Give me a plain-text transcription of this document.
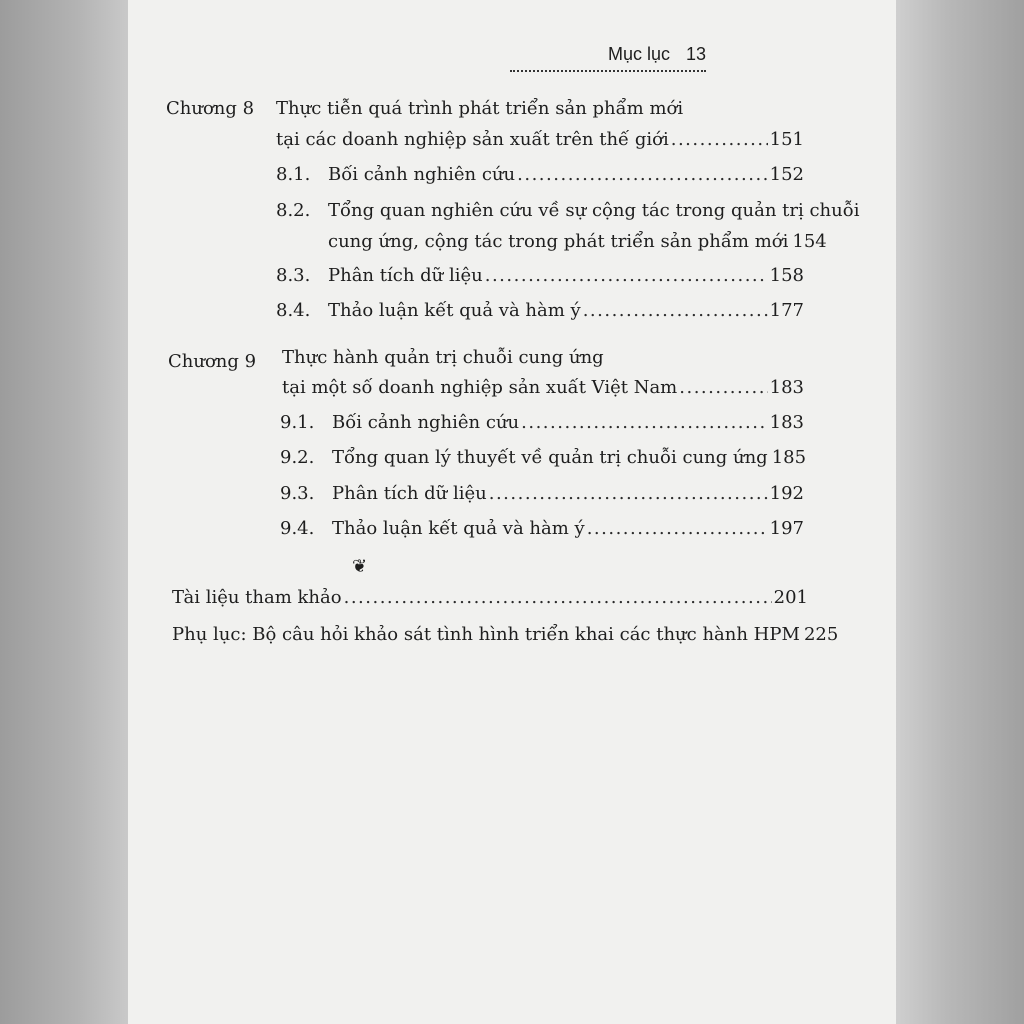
Mục lục 13
Chương 8 Thực tiễn quá trình phát triển sản phẩm mới
tại các doanh nghiệp sản xuất trên thế giới .....	151
8.1. Bối cảnh nghiên cứu .....	152
8.2. Tổng quan nghiên cứu về sự cộng tác trong quản trị chuỗi
cung ứng, cộng tác trong phát triển sản phẩm mới 154
8.3. Phân tích dữ liệu .....	158
8.4. Thảo luận kết quả và hàm ý .....	177
Chương 9 Thực hành quản trị chuỗi cung ứng
tại một số doanh nghiệp sản xuất Việt Nam .....	183
9.1. Bối cảnh nghiên cứu .....	183
9.2. Tổng quan lý thuyết về quản trị chuỗi cung ứng 185
9.3. Phân tích dữ liệu .....	192
9.4. Thảo luận kết quả và hàm ý .....	197
❦
Tài liệu tham khảo .....	201
Phụ lục: Bộ câu hỏi khảo sát tình hình triển khai các thực hành HPM 225
